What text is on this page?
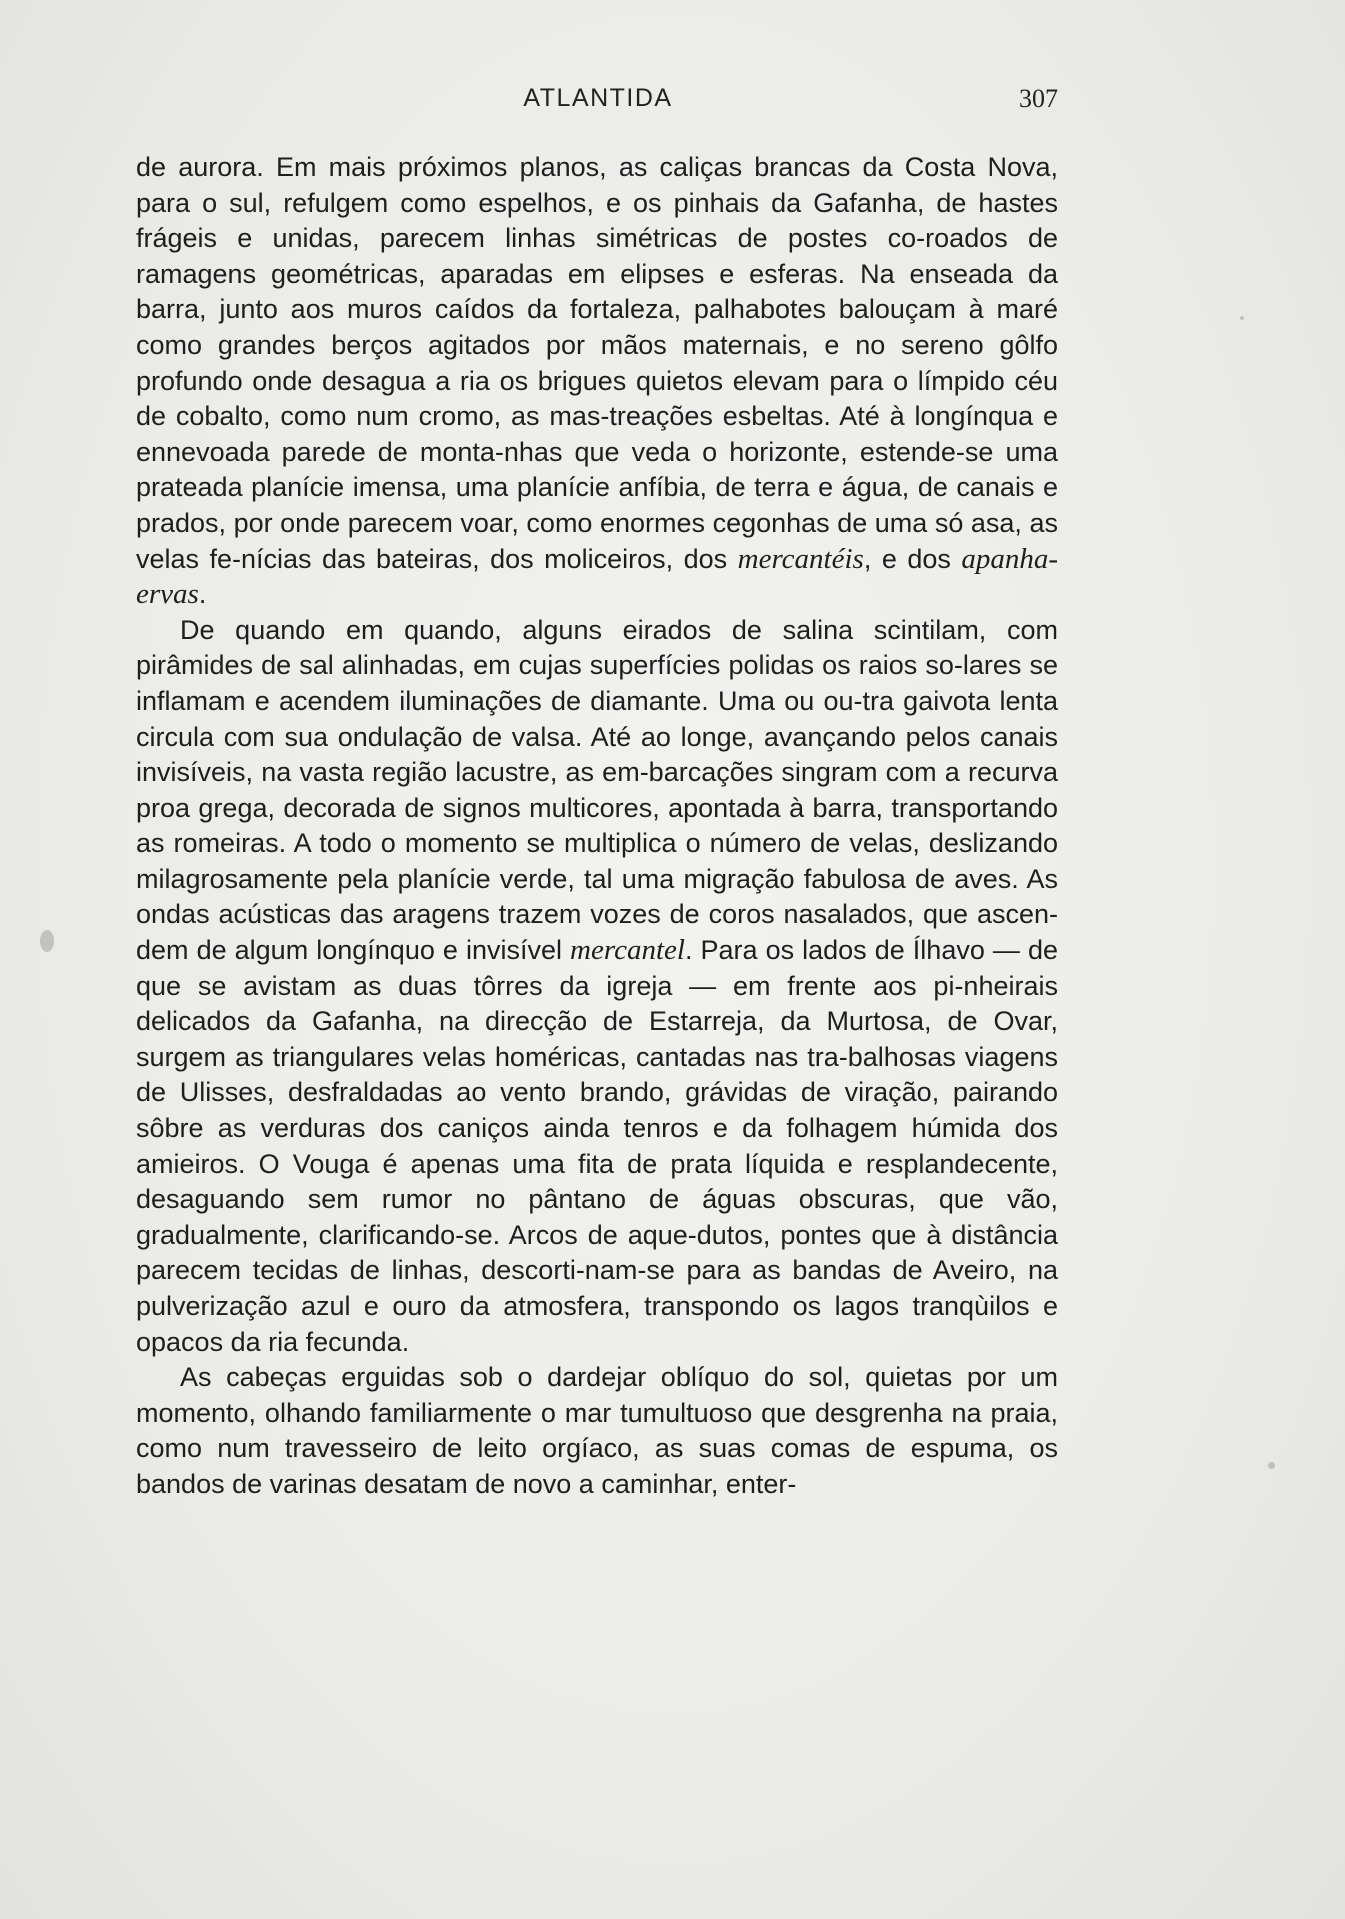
ATLANTIDA	307

de aurora. Em mais próximos planos, as caliças brancas da Costa Nova, para o sul, refulgem como espelhos, e os pinhais da Gafanha, de hastes frágeis e unidas, parecem linhas simétricas de postes co-roados de ramagens geométricas, aparadas em elipses e esferas. Na enseada da barra, junto aos muros caídos da fortaleza, palhabotes balouçam à maré como grandes berços agitados por mãos maternais, e no sereno gôlfo profundo onde desagua a ria os brigues quietos elevam para o límpido céu de cobalto, como num cromo, as mas-treações esbeltas. Até à longínqua e ennevoada parede de monta-nhas que veda o horizonte, estende-se uma prateada planície imensa, uma planície anfíbia, de terra e água, de canais e prados, por onde parecem voar, como enormes cegonhas de uma só asa, as velas fe-nícias das bateiras, dos moliceiros, dos mercantéis, e dos apanha-ervas.

De quando em quando, alguns eirados de salina scintilam, com pirâmides de sal alinhadas, em cujas superfícies polidas os raios so-lares se inflamam e acendem iluminações de diamante. Uma ou ou-tra gaivota lenta circula com sua ondulação de valsa. Até ao longe, avançando pelos canais invisíveis, na vasta região lacustre, as em-barcações singram com a recurva proa grega, decorada de signos multicores, apontada à barra, transportando as romeiras. A todo o momento se multiplica o número de velas, deslizando milagrosamente pela planície verde, tal uma migração fabulosa de aves. As ondas acústicas das aragens trazem vozes de coros nasalados, que ascen-dem de algum longínquo e invisível mercantel. Para os lados de Ílhavo — de que se avistam as duas tôrres da igreja — em frente aos pi-nheirais delicados da Gafanha, na direcção de Estarreja, da Murtosa, de Ovar, surgem as triangulares velas homéricas, cantadas nas tra-balhosas viagens de Ulisses, desfraldadas ao vento brando, grávidas de viração, pairando sôbre as verduras dos caniços ainda tenros e da folhagem húmida dos amieiros. O Vouga é apenas uma fita de prata líquida e resplandecente, desaguando sem rumor no pântano de águas obscuras, que vão, gradualmente, clarificando-se. Arcos de aque-dutos, pontes que à distância parecem tecidas de linhas, descorti-nam-se para as bandas de Aveiro, na pulverização azul e ouro da atmosfera, transpondo os lagos tranqùilos e opacos da ria fecunda.

As cabeças erguidas sob o dardejar oblíquo do sol, quietas por um momento, olhando familiarmente o mar tumultuoso que desgrenha na praia, como num travesseiro de leito orgíaco, as suas comas de espuma, os bandos de varinas desatam de novo a caminhar, enter-
